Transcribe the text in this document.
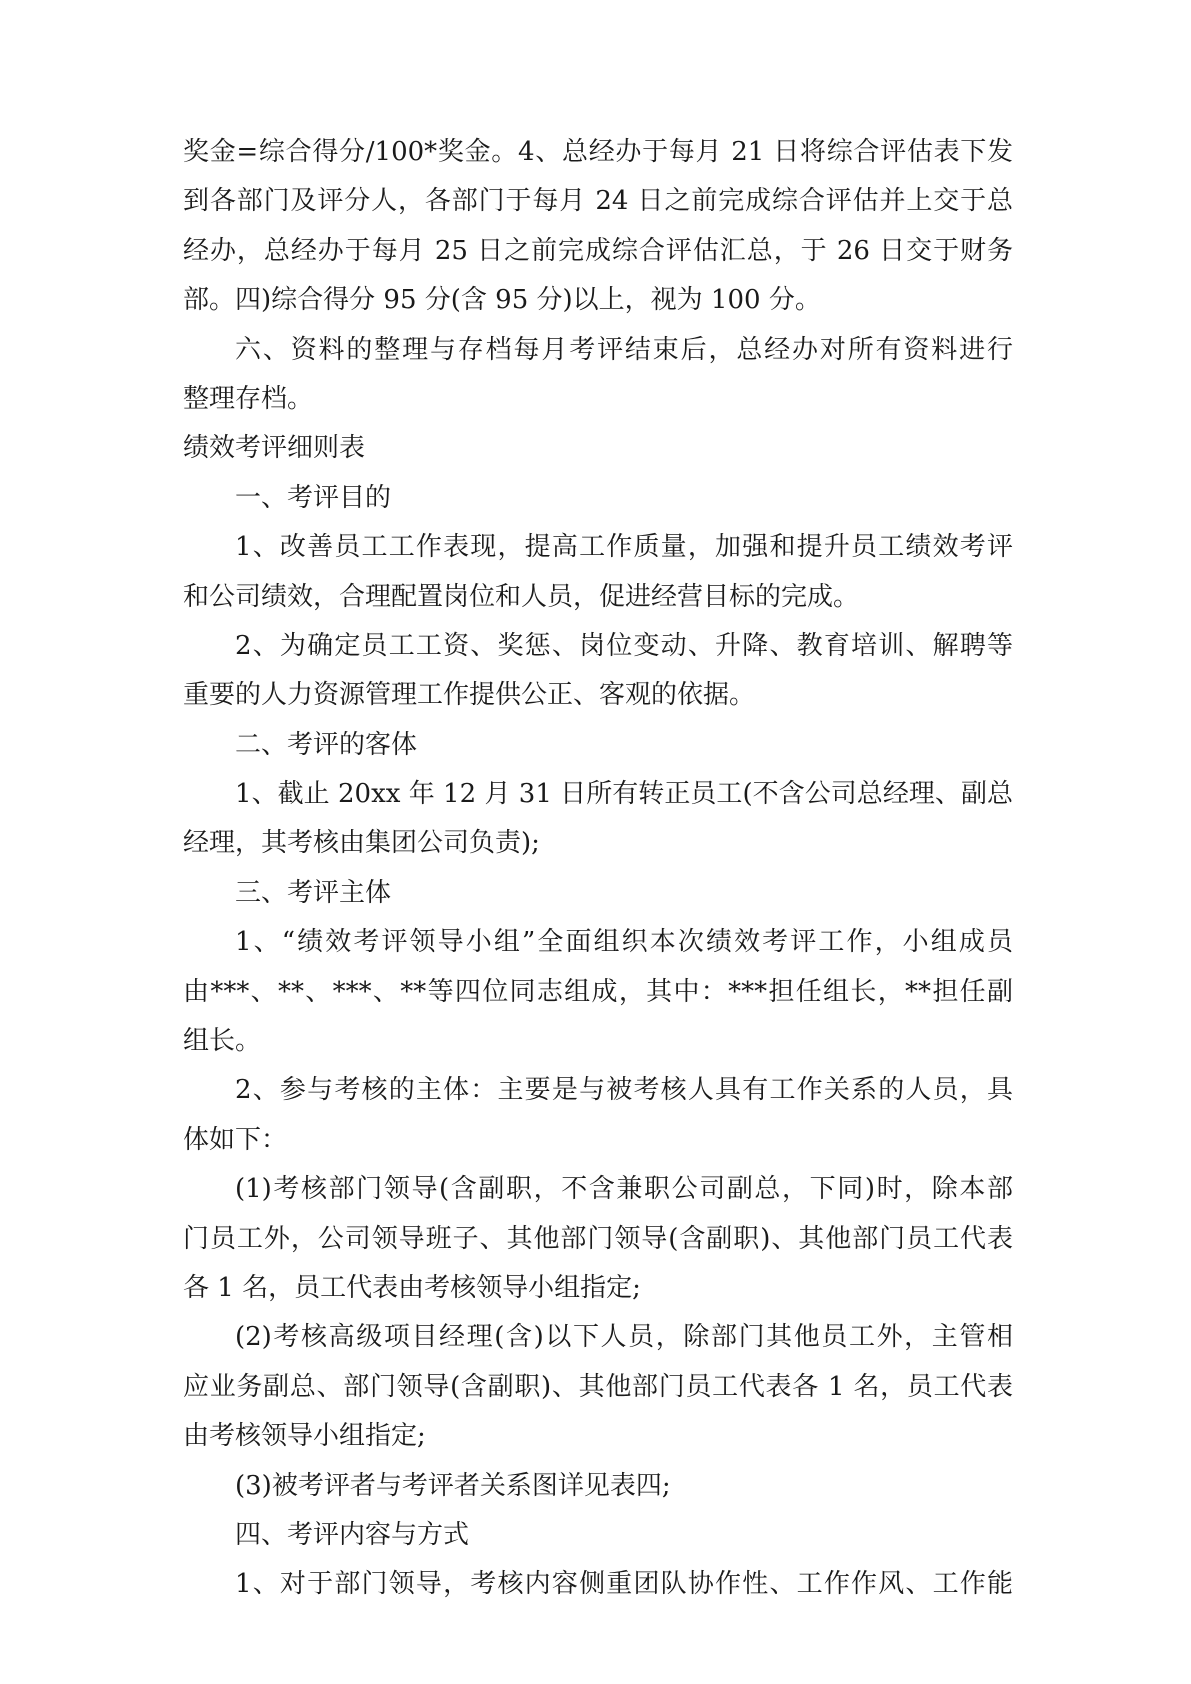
奖金=综合得分/100*奖金。4、总经办于每月 21 日将综合评估表下发
到各部门及评分人，各部门于每月 24 日之前完成综合评估并上交于总
经办，总经办于每月 25 日之前完成综合评估汇总，于 26 日交于财务
部。四)综合得分 95 分(含 95 分)以上，视为 100 分。
六、资料的整理与存档每月考评结束后，总经办对所有资料进行
整理存档。
绩效考评细则表
一、考评目的
1、改善员工工作表现，提高工作质量，加强和提升员工绩效考评
和公司绩效，合理配置岗位和人员，促进经营目标的完成。
2、为确定员工工资、奖惩、岗位变动、升降、教育培训、解聘等
重要的人力资源管理工作提供公正、客观的依据。
二、考评的客体
1、截止 20xx 年 12 月 31 日所有转正员工(不含公司总经理、副总
经理，其考核由集团公司负责);
三、考评主体
1、“绩效考评领导小组”全面组织本次绩效考评工作，小组成员
由***、**、***、**等四位同志组成，其中：***担任组长，**担任副
组长。
2、参与考核的主体：主要是与被考核人具有工作关系的人员，具
体如下：
(1)考核部门领导(含副职，不含兼职公司副总，下同)时，除本部
门员工外，公司领导班子、其他部门领导(含副职)、其他部门员工代表
各 1 名，员工代表由考核领导小组指定;
(2)考核高级项目经理(含)以下人员，除部门其他员工外，主管相
应业务副总、部门领导(含副职)、其他部门员工代表各 1 名，员工代表
由考核领导小组指定;
(3)被考评者与考评者关系图详见表四;
四、考评内容与方式
1、对于部门领导，考核内容侧重团队协作性、工作作风、工作能
